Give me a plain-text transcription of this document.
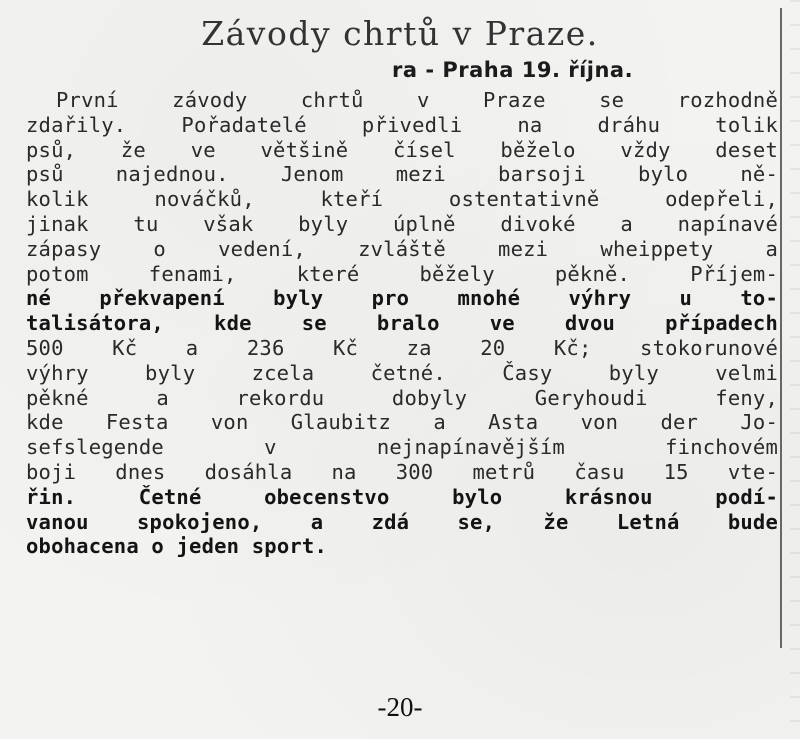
Závody chrtů v Praze.
ra - Praha 19. října.
První závody chrtů v Praze se rozhodně
zdařily. Pořadatelé přivedli na dráhu tolik
psů, že ve většině čísel běželo vždy deset
psů najednou. Jenom mezi barsoji bylo ně-
kolik nováčků, kteří ostentativně odepřeli,
jinak tu však byly úplně divoké a napínavé
zápasy o vedení, zvláště mezi wheippety a
potom fenami, které běžely pěkně. Příjem-
né překvapení byly pro mnohé výhry u to-
talisátora, kde se bralo ve dvou případech
500 Kč a 236 Kč za 20 Kč; stokorunové
výhry byly zcela četné. Časy byly velmi
pěkné a rekordu dobyly Geryhoudi feny,
kde Festa von Glaubitz a Asta von der Jo-
sefslegende v nejnapínavějším finchovém
boji dnes dosáhla na 300 metrů času 15 vte-
řin. Četné obecenstvo bylo krásnou podí-
vanou spokojeno, a zdá se, že Letná bude
obohacena o jeden sport.
-20-
